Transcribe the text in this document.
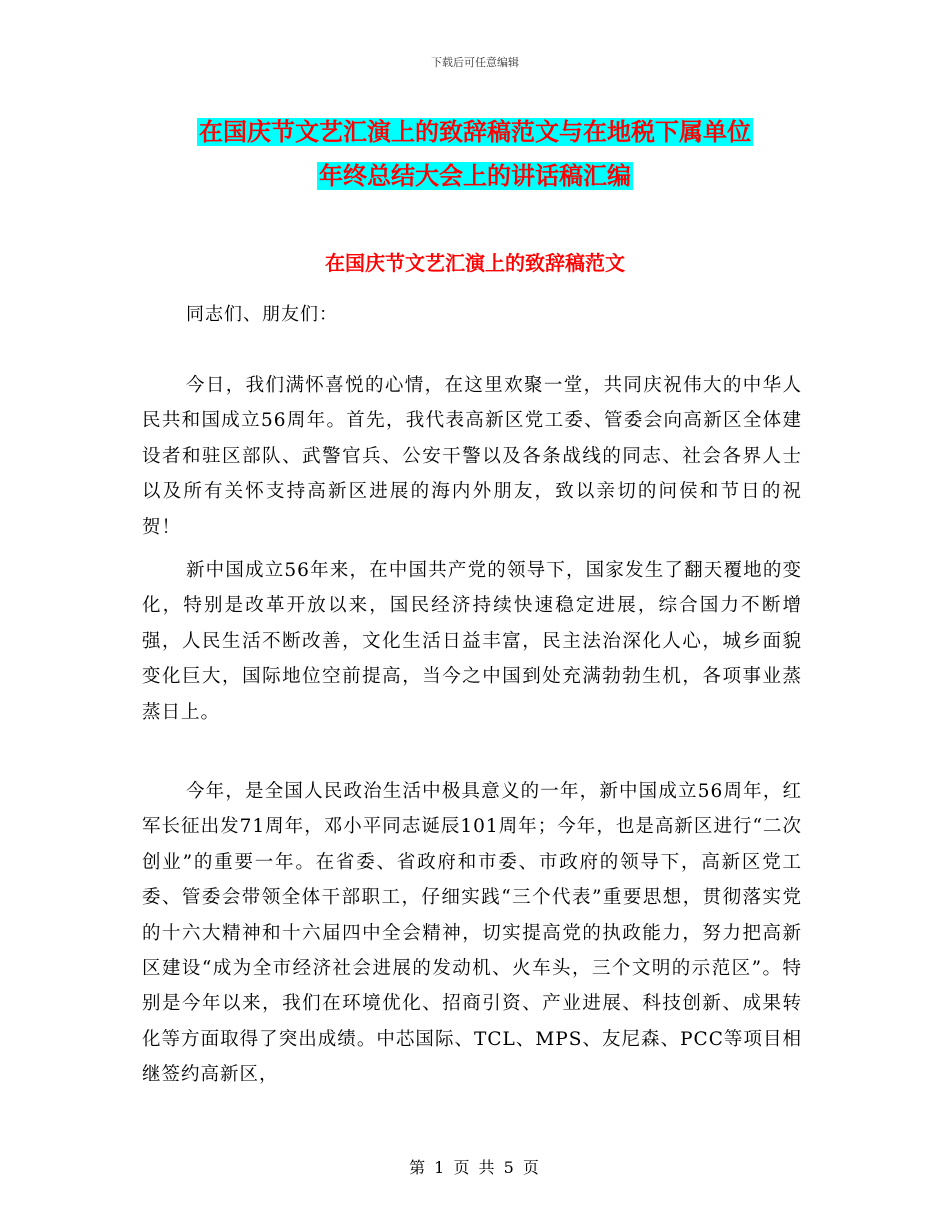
下载后可任意编辑
在国庆节文艺汇演上的致辞稿范文与在地税下属单位
年终总结大会上的讲话稿汇编
在国庆节文艺汇演上的致辞稿范文
同志们、朋友们：

今日，我们满怀喜悦的心情，在这里欢聚一堂，共同庆祝伟大的中华人民共和国成立56周年。首先，我代表高新区党工委、管委会向高新区全体建设者和驻区部队、武警官兵、公安干警以及各条战线的同志、社会各界人士以及所有关怀支持高新区进展的海内外朋友，致以亲切的问侯和节日的祝贺！

新中国成立56年来，在中国共产党的领导下，国家发生了翻天覆地的变化，特别是改革开放以来，国民经济持续快速稳定进展，综合国力不断增强，人民生活不断改善，文化生活日益丰富，民主法治深化人心，城乡面貌变化巨大，国际地位空前提高，当今之中国到处充满勃勃生机，各项事业蒸蒸日上。

今年，是全国人民政治生活中极具意义的一年，新中国成立56周年，红军长征出发71周年，邓小平同志诞辰101周年；今年，也是高新区进行“二次创业”的重要一年。在省委、省政府和市委、市政府的领导下，高新区党工委、管委会带领全体干部职工，仔细实践“三个代表”重要思想，贯彻落实党的十六大精神和十六届四中全会精神，切实提高党的执政能力，努力把高新区建设“成为全市经济社会进展的发动机、火车头，三个文明的示范区”。特别是今年以来，我们在环境优化、招商引资、产业进展、科技创新、成果转化等方面取得了突出成绩。中芯国际、TCL、MPS、友尼森、PCC等项目相继签约高新区，

第 1 页 共 5 页
